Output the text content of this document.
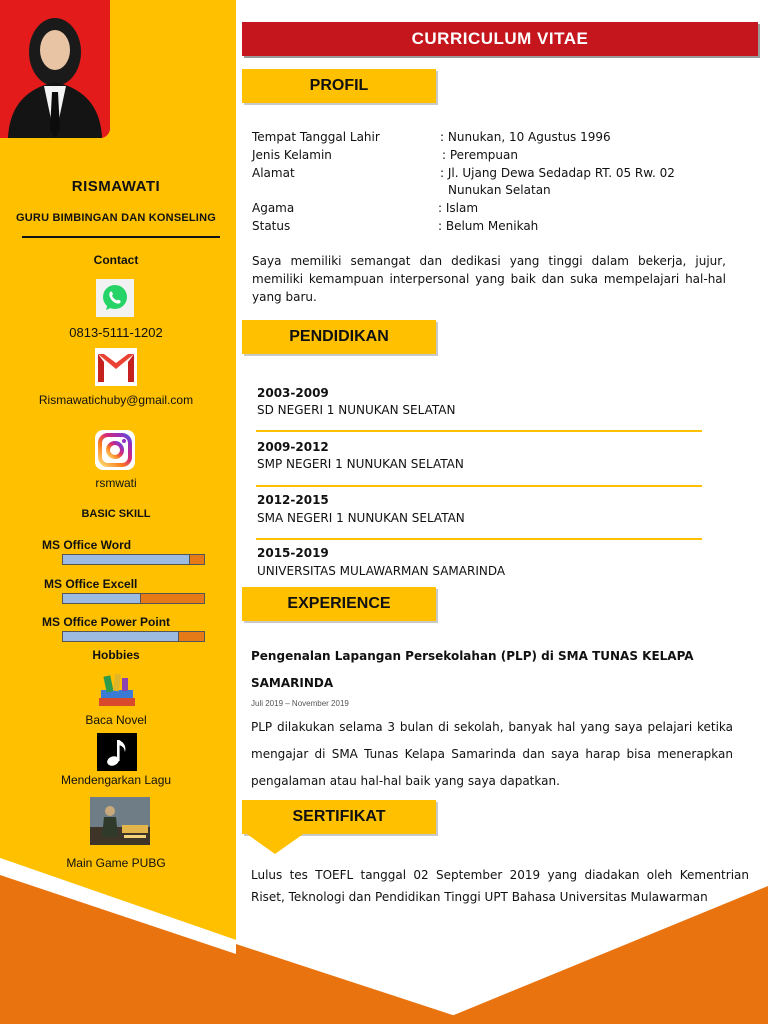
RISMAWATI
GURU BIMBINGAN DAN KONSELING
Contact
0813-5111-1202
Rismawatichuby@gmail.com
rsmwati
BASIC SKILL
MS Office Word
MS Office Excell
MS Office Power Point
Hobbies
Baca Novel
Mendengarkan Lagu
Main Game PUBG
CURRICULUM VITAE
PROFIL
Tempat Tanggal Lahir	: Nunukan, 10 Agustus 1996
Jenis Kelamin	: Perempuan
Alamat	: Jl. Ujang Dewa Sedadap RT. 05 Rw. 02
Nunukan Selatan
Agama	: Islam
Status	: Belum Menikah
Saya memiliki semangat dan dedikasi yang tinggi dalam bekerja, jujur, memiliki kemampuan interpersonal yang baik dan suka mempelajari hal-hal yang baru.
PENDIDIKAN
2003-2009
SD NEGERI 1 NUNUKAN SELATAN
2009-2012
SMP NEGERI 1 NUNUKAN SELATAN
2012-2015
SMA NEGERI 1 NUNUKAN SELATAN
2015-2019
UNIVERSITAS MULAWARMAN SAMARINDA
EXPERIENCE
Pengenalan Lapangan Persekolahan (PLP) di SMA TUNAS KELAPA
SAMARINDA
Juli 2019 – November 2019
PLP dilakukan selama 3 bulan di sekolah, banyak hal yang saya pelajari ketika mengajar di SMA Tunas Kelapa Samarinda dan saya harap bisa menerapkan pengalaman atau hal-hal baik yang saya dapatkan.
SERTIFIKAT
Lulus tes TOEFL tanggal 02 September 2019 yang diadakan oleh Kementrian Riset, Teknologi dan Pendidikan Tinggi UPT Bahasa Universitas Mulawarman
